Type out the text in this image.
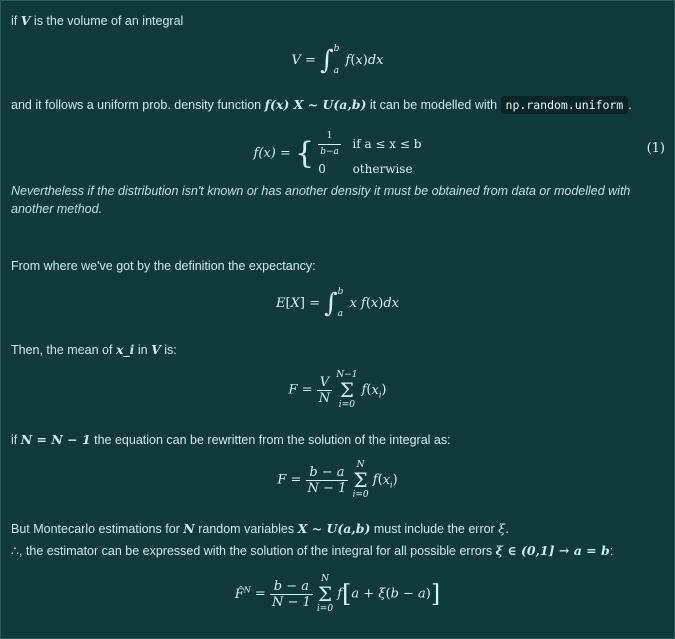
if V is the volume of an integral
V = ∫b

a f(x)dx
and it follows a uniform prob. density function f(x) X ~ U(a,b) it can be modelled with np.random.uniform .
f(x) = { $\frac{1}{b-a}$ if a ≤ x ≤ b
0 otherwise
(1)
Nevertheless if the distribution isn't known or has another density it must be obtained from data or modelled with another method.
From where we've got by the definition the expectancy:
E[X] = ∫b

a x f(x)dx
Then, the mean of x_i in V is:
$F = \frac{V}{N} N-1$
Σ
i=0 $f(x_i)$
if N = N − 1 the equation can be rewritten from the solution of the integral as:
$F = \frac{b - a}{N - 1}$ N
Σ
i=0 $f(x_i)$
But Montecarlo estimations for N random variables X ~ U(a,b) must include the error ξ.
∴, the estimator can be expressed with the solution of the integral for all possible errors ξ ∈ (0,1] → a = b:
F̂$^N$ = $\frac{b - a}{N - 1}$ N
Σ
i=0 f[a + ξ(b − a)]
